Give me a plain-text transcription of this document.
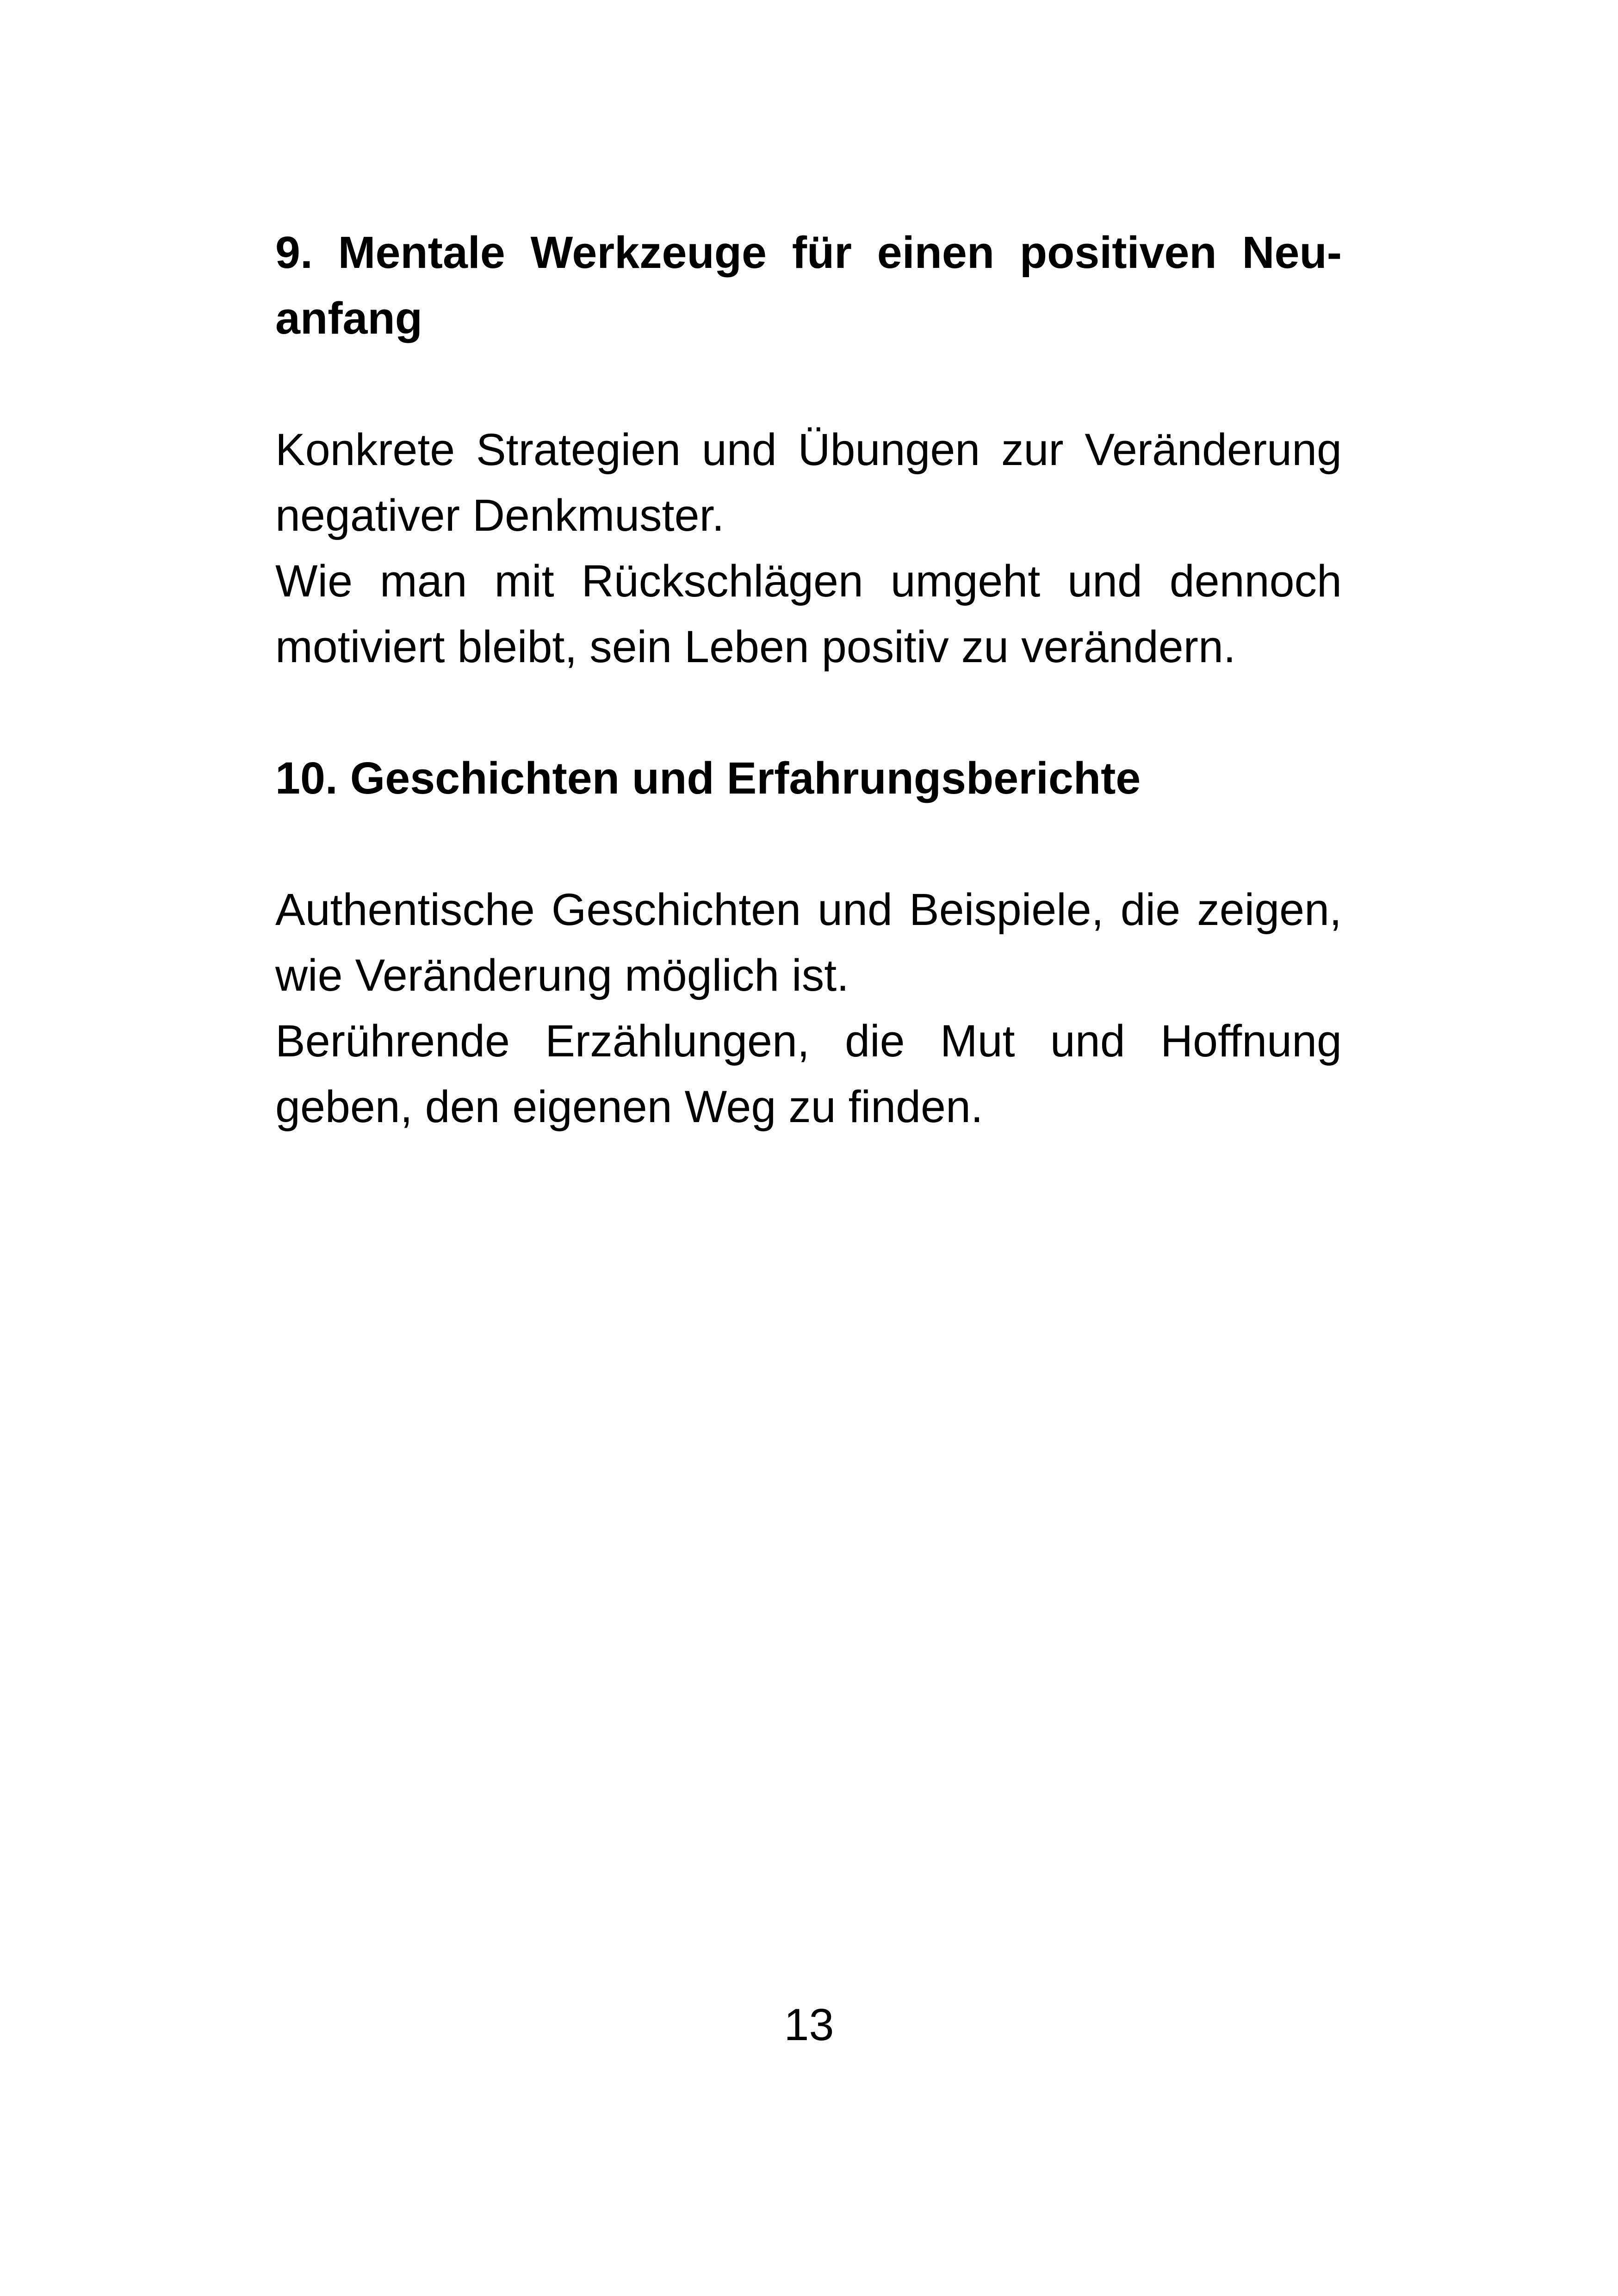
9. Mentale Werkzeuge für einen positiven Neu-anfang

Konkrete Strategien und Übungen zur Veränderung negativer Denkmuster.

Wie man mit Rückschlägen umgeht und dennoch motiviert bleibt, sein Leben positiv zu verändern.

10. Geschichten und Erfahrungsberichte

Authentische Geschichten und Beispiele, die zeigen, wie Veränderung möglich ist.

Berührende Erzählungen, die Mut und Hoffnung geben, den eigenen Weg zu finden.

13
